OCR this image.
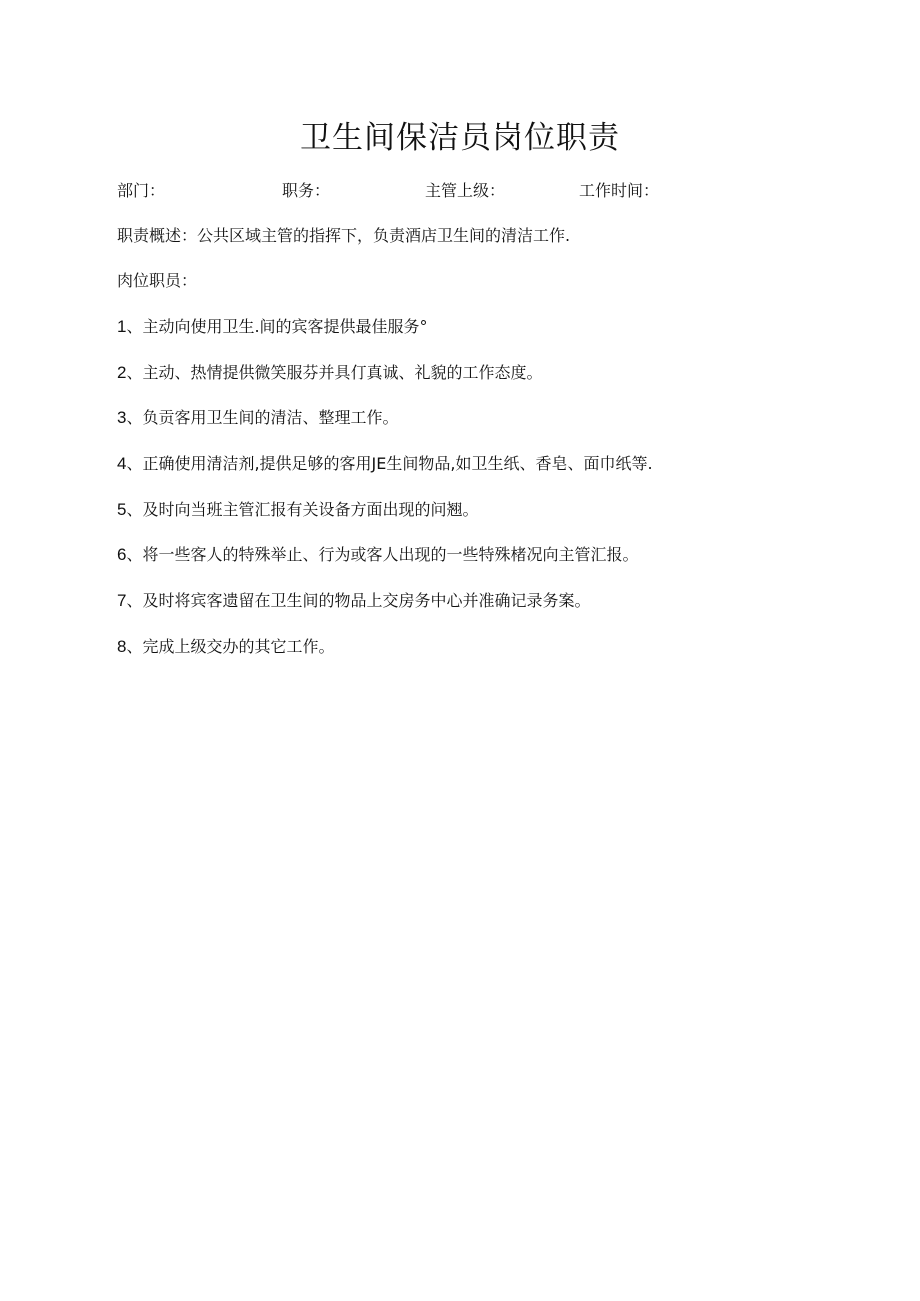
卫生间保洁员岗位职责
部门：	职务：	主管上级：	工作时间：
职责概述：公共区域主管的指挥下，负责酒店卫生间的清洁工作.
肉位职员：
1、主动向使用卫生.间的宾客提供最佳服务°
2、主动、热情提供微笑服芬并具仃真诚、礼貌的工作态度。
3、负贡客用卫生间的清洁、整理工作。
4、正确使用清洁剂,提供足够的客用JE生间物品,如卫生纸、香皂、面巾纸等.
5、及时向当班主管汇报有关设备方面出现的问翘。
6、将一些客人的特殊举止、行为或客人出现的一些特殊楮况向主管汇报。
7、及时将宾客遗留在卫生间的物品上交房务中心并准确记录务案。
8、完成上级交办的其它工作。
